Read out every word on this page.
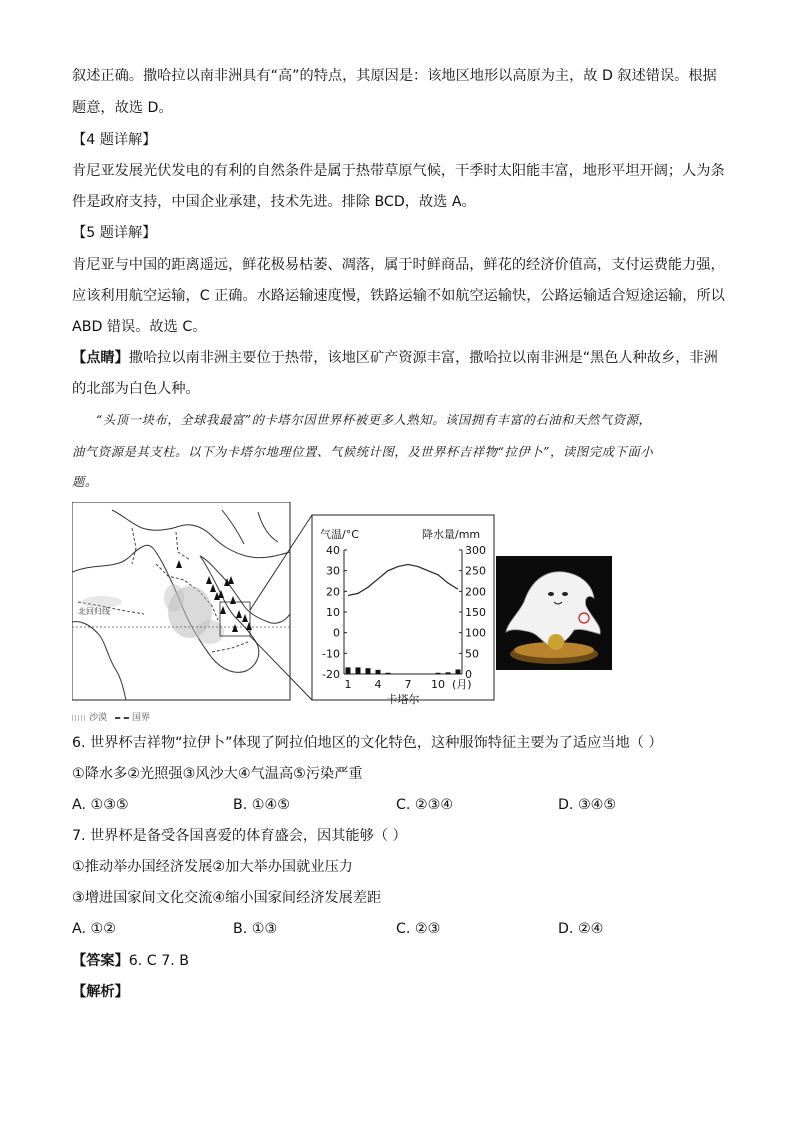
叙述正确。撒哈拉以南非洲具有“高”的特点，其原因是：该地区地形以高原为主，故 D 叙述错误。根据
题意，故选 D。
【4 题详解】
肯尼亚发展光伏发电的有利的自然条件是属于热带草原气候，干季时太阳能丰富，地形平坦开阔；人为条
件是政府支持，中国企业承建，技术先进。排除 BCD，故选 A。
【5 题详解】
肯尼亚与中国的距离遥远，鲜花极易枯萎、凋落，属于时鲜商品，鲜花的经济价值高，支付运费能力强，
应该利用航空运输，C 正确。水路运输速度慢，铁路运输不如航空运输快，公路运输适合短途运输，所以
ABD 错误。故选 C。
【点睛】撒哈拉以南非洲主要位于热带，该地区矿产资源丰富，撒哈拉以南非洲是“黑色人种故乡，非洲
的北部为白色人种。
“头顶一块布，全球我最富”的卡塔尔因世界杯被更多人熟知。该国拥有丰富的石油和天然气资源，
油气资源是其支柱。以下为卡塔尔地理位置、气候统计图，及世界杯吉祥物“拉伊卜”，读图完成下面小
题。
北回归线
气温/°C	降水量/mm
40
30
20
10
0
-10
-20
300
250
200
150
100
50
0
1 4 7 10 (月)
卡塔尔
沙漠	国界
6. 世界杯吉祥物“拉伊卜”体现了阿拉伯地区的文化特色，这种服饰特征主要为了适应当地（ ）
①降水多②光照强③风沙大④气温高⑤污染严重
A. ①③⑤	B. ①④⑤	C. ②③④	D. ③④⑤
7. 世界杯是备受各国喜爱的体育盛会，因其能够（ ）
①推动举办国经济发展②加大举办国就业压力
③增进国家间文化交流④缩小国家间经济发展差距
A. ①②	B. ①③	C. ②③	D. ②④
【答案】6. C 7. B
【解析】
